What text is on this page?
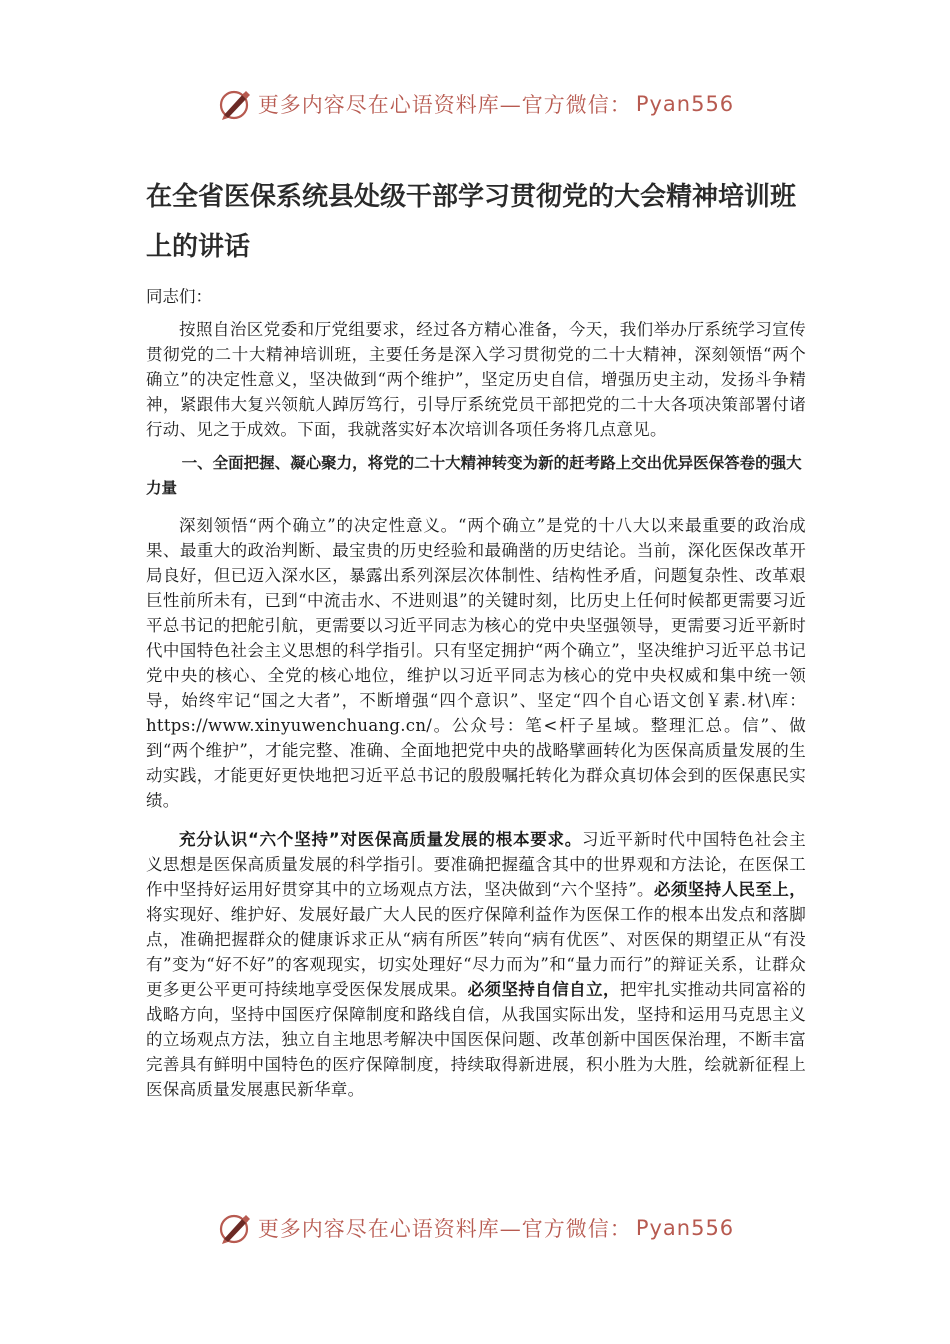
更多内容尽在心语资料库—官方微信： Pyan556
在全省医保系统县处级干部学习贯彻党的大会精神培训班上的讲话

同志们：

按照自治区党委和厅党组要求，经过各方精心准备，今天，我们举办厅系统学习宣传贯彻党的二十大精神培训班，主要任务是深入学习贯彻党的二十大精神，深刻领悟“两个确立”的决定性意义，坚决做到“两个维护”，坚定历史自信，增强历史主动，发扬斗争精神，紧跟伟大复兴领航人踔厉笃行，引导厅系统党员干部把党的二十大各项决策部署付诸行动、见之于成效。下面，我就落实好本次培训各项任务将几点意见。

一、全面把握、凝心聚力，将党的二十大精神转变为新的赶考路上交出优异医保答卷的强大力量

深刻领悟“两个确立”的决定性意义。“两个确立”是党的十八大以来最重要的政治成果、最重大的政治判断、最宝贵的历史经验和最确凿的历史结论。当前，深化医保改革开局良好，但已迈入深水区，暴露出系列深层次体制性、结构性矛盾，问题复杂性、改革艰巨性前所未有，已到“中流击水、不进则退”的关键时刻，比历史上任何时候都更需要习近平总书记的把舵引航，更需要以习近平同志为核心的党中央坚强领导，更需要习近平新时代中国特色社会主义思想的科学指引。只有坚定拥护“两个确立”，坚决维护习近平总书记党中央的核心、全党的核心地位，维护以习近平同志为核心的党中央权威和集中统一领导，始终牢记“国之大者”，不断增强“四个意识”、坚定“四个自心语文创￥素.材\库：https://www.xinyuwenchuang.cn/。公众号：笔<杆子星域。整理汇总。信”、做到“两个维护”，才能完整、准确、全面地把党中央的战略擘画转化为医保高质量发展的生动实践，才能更好更快地把习近平总书记的殷殷嘱托转化为群众真切体会到的医保惠民实绩。

充分认识“六个坚持”对医保高质量发展的根本要求。习近平新时代中国特色社会主义思想是医保高质量发展的科学指引。要准确把握蕴含其中的世界观和方法论，在医保工作中坚持好运用好贯穿其中的立场观点方法，坚决做到“六个坚持”。必须坚持人民至上，将实现好、维护好、发展好最广大人民的医疗保障利益作为医保工作的根本出发点和落脚点，准确把握群众的健康诉求正从“病有所医”转向“病有优医”、对医保的期望正从“有没有”变为“好不好”的客观现实，切实处理好“尽力而为”和“量力而行”的辩证关系，让群众更多更公平更可持续地享受医保发展成果。必须坚持自信自立，把牢扎实推动共同富裕的战略方向，坚持中国医疗保障制度和路线自信，从我国实际出发，坚持和运用马克思主义的立场观点方法，独立自主地思考解决中国医保问题、改革创新中国医保治理，不断丰富完善具有鲜明中国特色的医疗保障制度，持续取得新进展，积小胜为大胜，绘就新征程上医保高质量发展惠民新华章。

更多内容尽在心语资料库—官方微信： Pyan556
